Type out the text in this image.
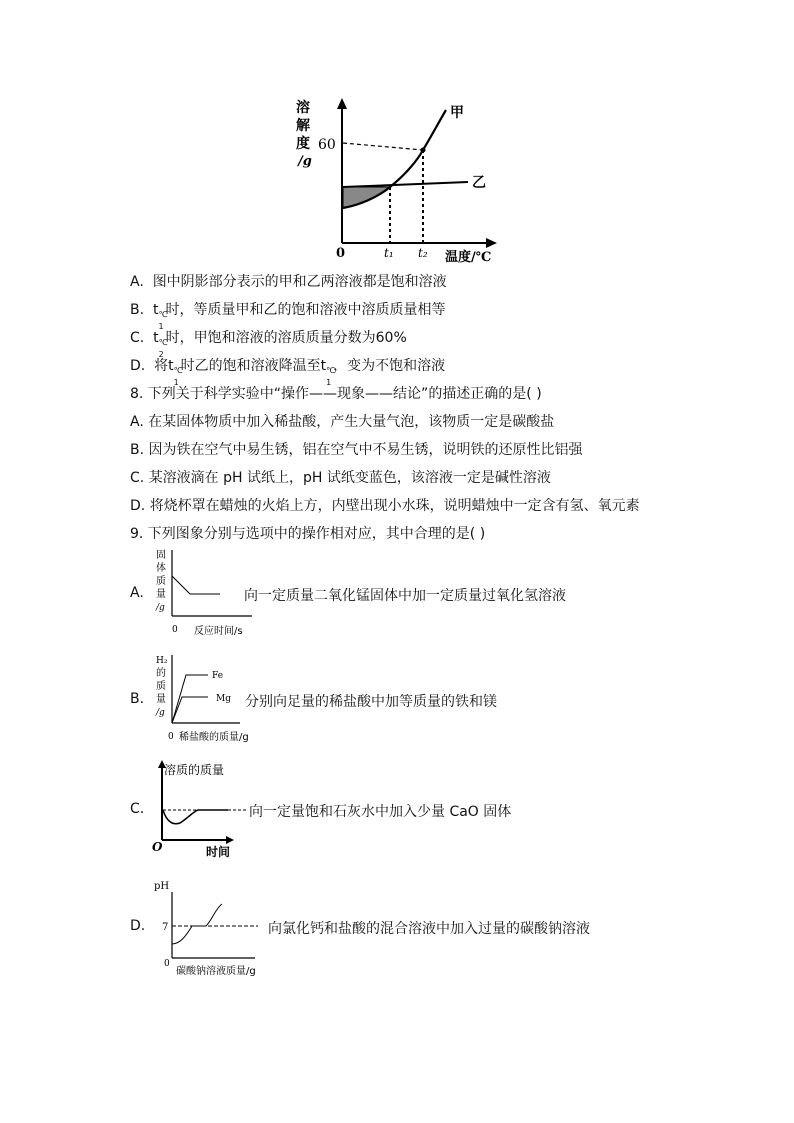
溶
解
度
/g
60
0	t₁ t₂ 温度/℃
甲
乙
A. 图中阴影部分表示的甲和乙两溶液都是饱和溶液
B. t ℃
1
时，等质量甲和乙的饱和溶液中溶质质量相等
C. t ℃
2
时，甲饱和溶液的溶质质量分数为60%
D. 将t ℃
1
时乙的饱和溶液降温至t ℃
1
，变为不饱和溶液
8. 下列关于科学实验中“操作——现象——结论”的描述正确的是( )
A. 在某固体物质中加入稀盐酸，产生大量气泡，该物质一定是碳酸盐
B. 因为铁在空气中易生锈，铝在空气中不易生锈，说明铁的还原性比铝强
C. 某溶液滴在 pH 试纸上，pH 试纸变蓝色，该溶液一定是碱性溶液
D. 将烧杯罩在蜡烛的火焰上方，内壁出现小水珠，说明蜡烛中一定含有氢、氧元素
9. 下列图象分别与选项中的操作相对应，其中合理的是( )
A.
固
体
质
量
/g
0 反应时间/s
向一定质量二氧化锰固体中加一定质量过氧化氢溶液
B.
H₂
的
质
量
/g
Fe
Mg
0 稀盐酸的质量/g
分别向足量的稀盐酸中加等质量的铁和镁
C.
溶质的质量
O	时间
向一定量饱和石灰水中加入少量 CaO 固体
D.
pH
7
0
碳酸钠溶液质量/g
向氯化钙和盐酸的混合溶液中加入过量的碳酸钠溶液
